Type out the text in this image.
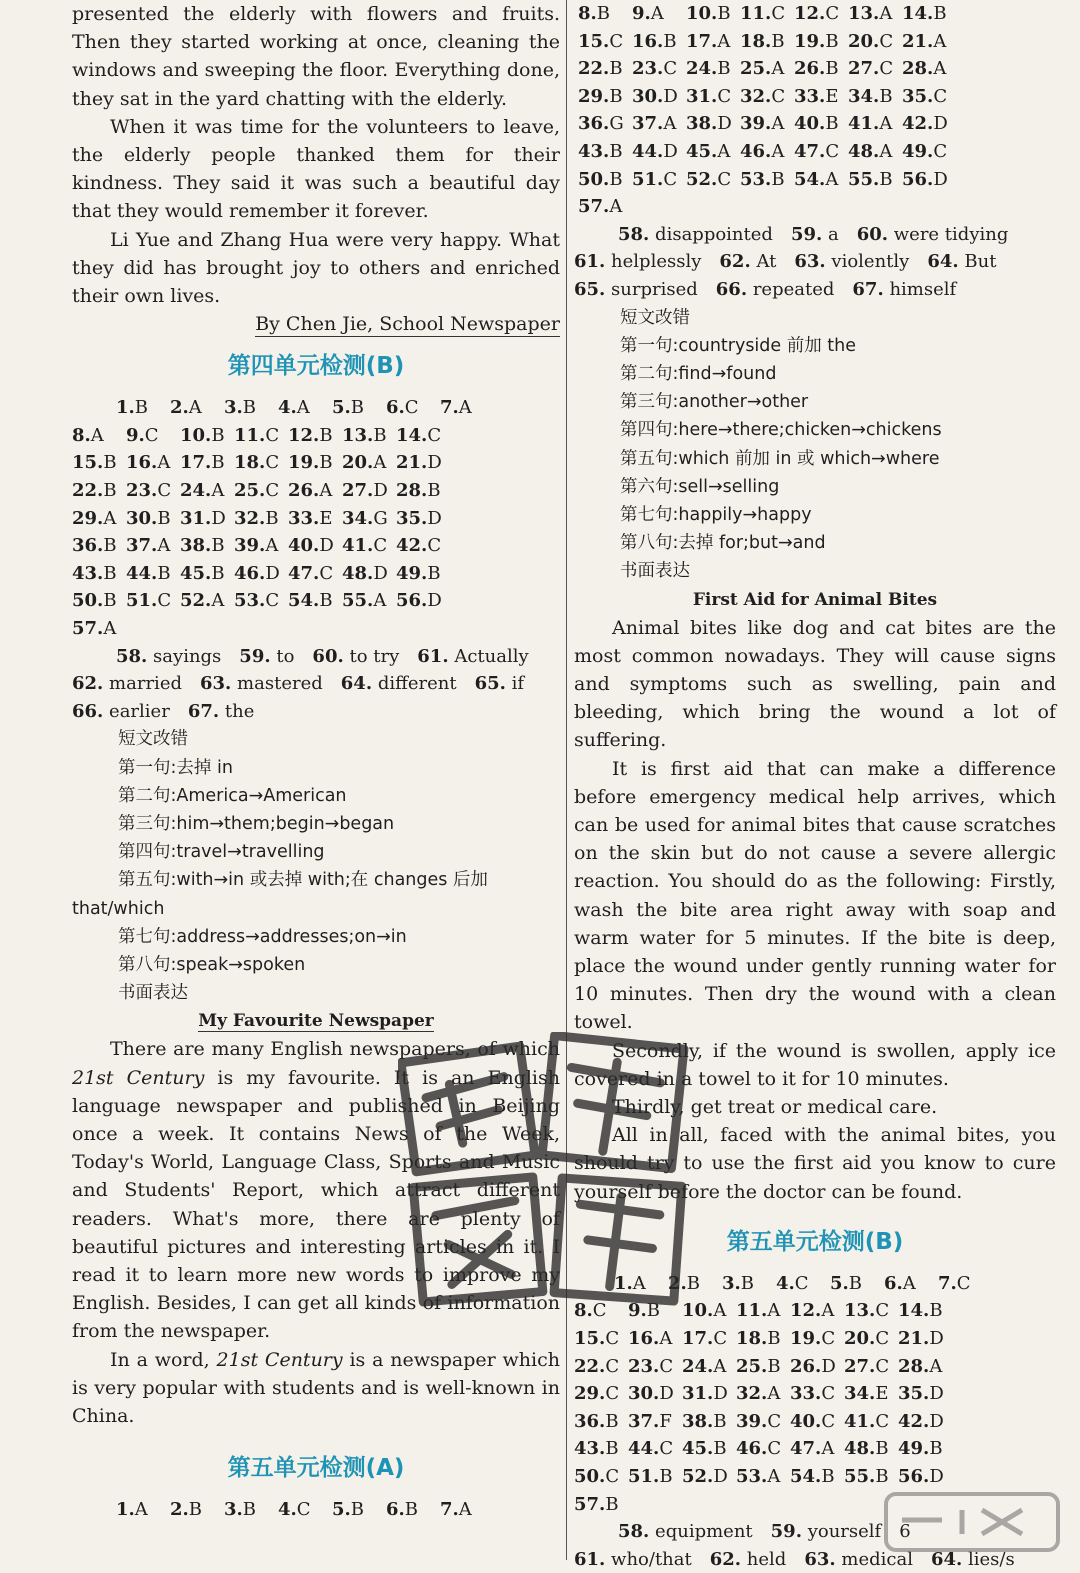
presented the elderly with flowers and fruits. Then they started working at once, cleaning the windows and sweeping the floor. Everything done, they sat in the yard chatting with the elderly.

When it was time for the volunteers to leave, the elderly people thanked them for their kindness. They said it was such a beautiful day that they would remember it forever.

Li Yue and Zhang Hua were very happy. What they did has brought joy to others and enriched their own lives.

By Chen Jie, School Newspaper

第四单元检测(B)
1.B 2.A 3.B 4.A 5.B 6.C 7.A
8.A 9.C 10.B 11.C 12.B 13.B 14.C
15.B 16.A 17.B 18.C 19.B 20.A 21.D
22.B 23.C 24.A 25.C 26.A 27.D 28.B
29.A 30.B 31.D 32.B 33.E 34.G 35.D
36.B 37.A 38.B 39.A 40.D 41.C 42.C
43.B 44.B 45.B 46.D 47.C 48.D 49.B
50.B 51.C 52.A 53.C 54.B 55.A 56.D
57.A
58. sayings 59. to 60. to try 61. Actually
62. married 63. mastered 64. different 65. if
66. earlier 67. the
短文改错
第一句:去掉 in
第二句:America→American
第三句:him→them;begin→began
第四句:travel→travelling
第五句:with→in 或去掉 with;在 changes 后加 that/which
第七句:address→addresses;on→in
第八句:speak→spoken
书面表达

My Favourite Newspaper

There are many English newspapers, of which 21st Century is my favourite. It is an English language newspaper and published in Beijing once a week. It contains News of the Week, Today's World, Language Class, Sports and Music and Students' Report, which attract different readers. What's more, there are plenty of beautiful pictures and interesting articles in it. I read it to learn more new words to improve my English. Besides, I can get all kinds of information from the newspaper.

In a word, 21st Century is a newspaper which is very popular with students and is well-known in China.

第五单元检测(A)
1.A 2.B 3.B 4.C 5.B 6.B 7.A
8.B 9.A 10.B 11.C 12.C 13.A 14.B
15.C 16.B 17.A 18.B 19.B 20.C 21.A
22.B 23.C 24.B 25.A 26.B 27.C 28.A
29.B 30.D 31.C 32.C 33.E 34.B 35.C
36.G 37.A 38.D 39.A 40.B 41.A 42.D
43.B 44.D 45.A 46.A 47.C 48.A 49.C
50.B 51.C 52.C 53.B 54.A 55.B 56.D
57.A
58. disappointed 59. a 60. were tidying
61. helplessly 62. At 63. violently 64. But
65. surprised 66. repeated 67. himself
短文改错
第一句:countryside 前加 the
第二句:find→found
第三句:another→other
第四句:here→there;chicken→chickens
第五句:which 前加 in 或 which→where
第六句:sell→selling
第七句:happily→happy
第八句:去掉 for;but→and
书面表达

First Aid for Animal Bites

Animal bites like dog and cat bites are the most common nowadays. They will cause signs and symptoms such as swelling, pain and bleeding, which bring the wound a lot of suffering.

It is first aid that can make a difference before emergency medical help arrives, which can be used for animal bites that cause scratches on the skin but do not cause a severe allergic reaction. You should do as the following: Firstly, wash the bite area right away with soap and warm water for 5 minutes. If the bite is deep, place the wound under gently running water for 10 minutes. Then dry the wound with a clean towel.

Secondly, if the wound is swollen, apply ice covered in a towel to it for 10 minutes.

Thirdly, get treat or medical care.

All in all, faced with the animal bites, you should try to use the first aid you know to cure yourself before the doctor can be found.

第五单元检测(B)
1.A 2.B 3.B 4.C 5.B 6.A 7.C
8.C 9.B 10.A 11.A 12.A 13.C 14.B
15.C 16.A 17.C 18.B 19.C 20.C 21.D
22.C 23.C 24.A 25.B 26.D 27.C 28.A
29.C 30.D 31.D 32.A 33.C 34.E 35.D
36.B 37.F 38.B 39.C 40.C 41.C 42.D
43.B 44.C 45.B 46.C 47.A 48.B 49.B
50.C 51.B 52.D 53.A 54.B 55.B 56.D
57.B
58. equipment 59. yourself 6
61. who/that 62. held 63. medical 64. lies/s
